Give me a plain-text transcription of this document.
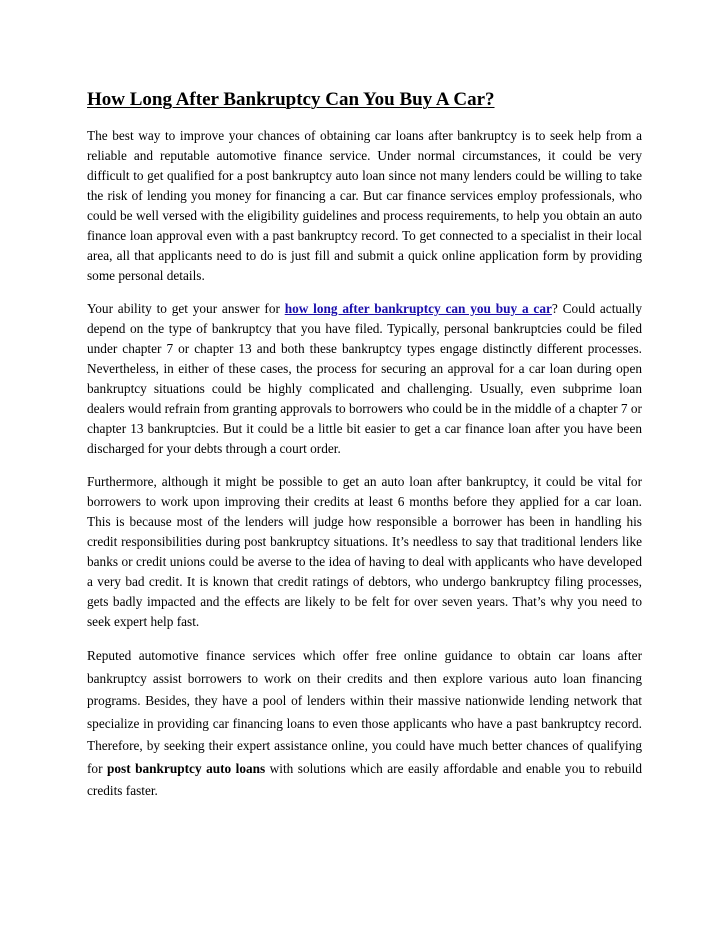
How Long After Bankruptcy Can You Buy A Car?

The best way to improve your chances of obtaining car loans after bankruptcy is to seek help from a reliable and reputable automotive finance service. Under normal circumstances, it could be very difficult to get qualified for a post bankruptcy auto loan since not many lenders could be willing to take the risk of lending you money for financing a car. But car finance services employ professionals, who could be well versed with the eligibility guidelines and process requirements, to help you obtain an auto finance loan approval even with a past bankruptcy record. To get connected to a specialist in their local area, all that applicants need to do is just fill and submit a quick online application form by providing some personal details.

Your ability to get your answer for how long after bankruptcy can you buy a car? Could actually depend on the type of bankruptcy that you have filed. Typically, personal bankruptcies could be filed under chapter 7 or chapter 13 and both these bankruptcy types engage distinctly different processes. Nevertheless, in either of these cases, the process for securing an approval for a car loan during open bankruptcy situations could be highly complicated and challenging. Usually, even subprime loan dealers would refrain from granting approvals to borrowers who could be in the middle of a chapter 7 or chapter 13 bankruptcies. But it could be a little bit easier to get a car finance loan after you have been discharged for your debts through a court order.

Furthermore, although it might be possible to get an auto loan after bankruptcy, it could be vital for borrowers to work upon improving their credits at least 6 months before they applied for a car loan. This is because most of the lenders will judge how responsible a borrower has been in handling his credit responsibilities during post bankruptcy situations. It’s needless to say that traditional lenders like banks or credit unions could be averse to the idea of having to deal with applicants who have developed a very bad credit. It is known that credit ratings of debtors, who undergo bankruptcy filing processes, gets badly impacted and the effects are likely to be felt for over seven years. That’s why you need to seek expert help fast.

Reputed automotive finance services which offer free online guidance to obtain car loans after bankruptcy assist borrowers to work on their credits and then explore various auto loan financing programs. Besides, they have a pool of lenders within their massive nationwide lending network that specialize in providing car financing loans to even those applicants who have a past bankruptcy record. Therefore, by seeking their expert assistance online, you could have much better chances of qualifying for post bankruptcy auto loans with solutions which are easily affordable and enable you to rebuild credits faster.
